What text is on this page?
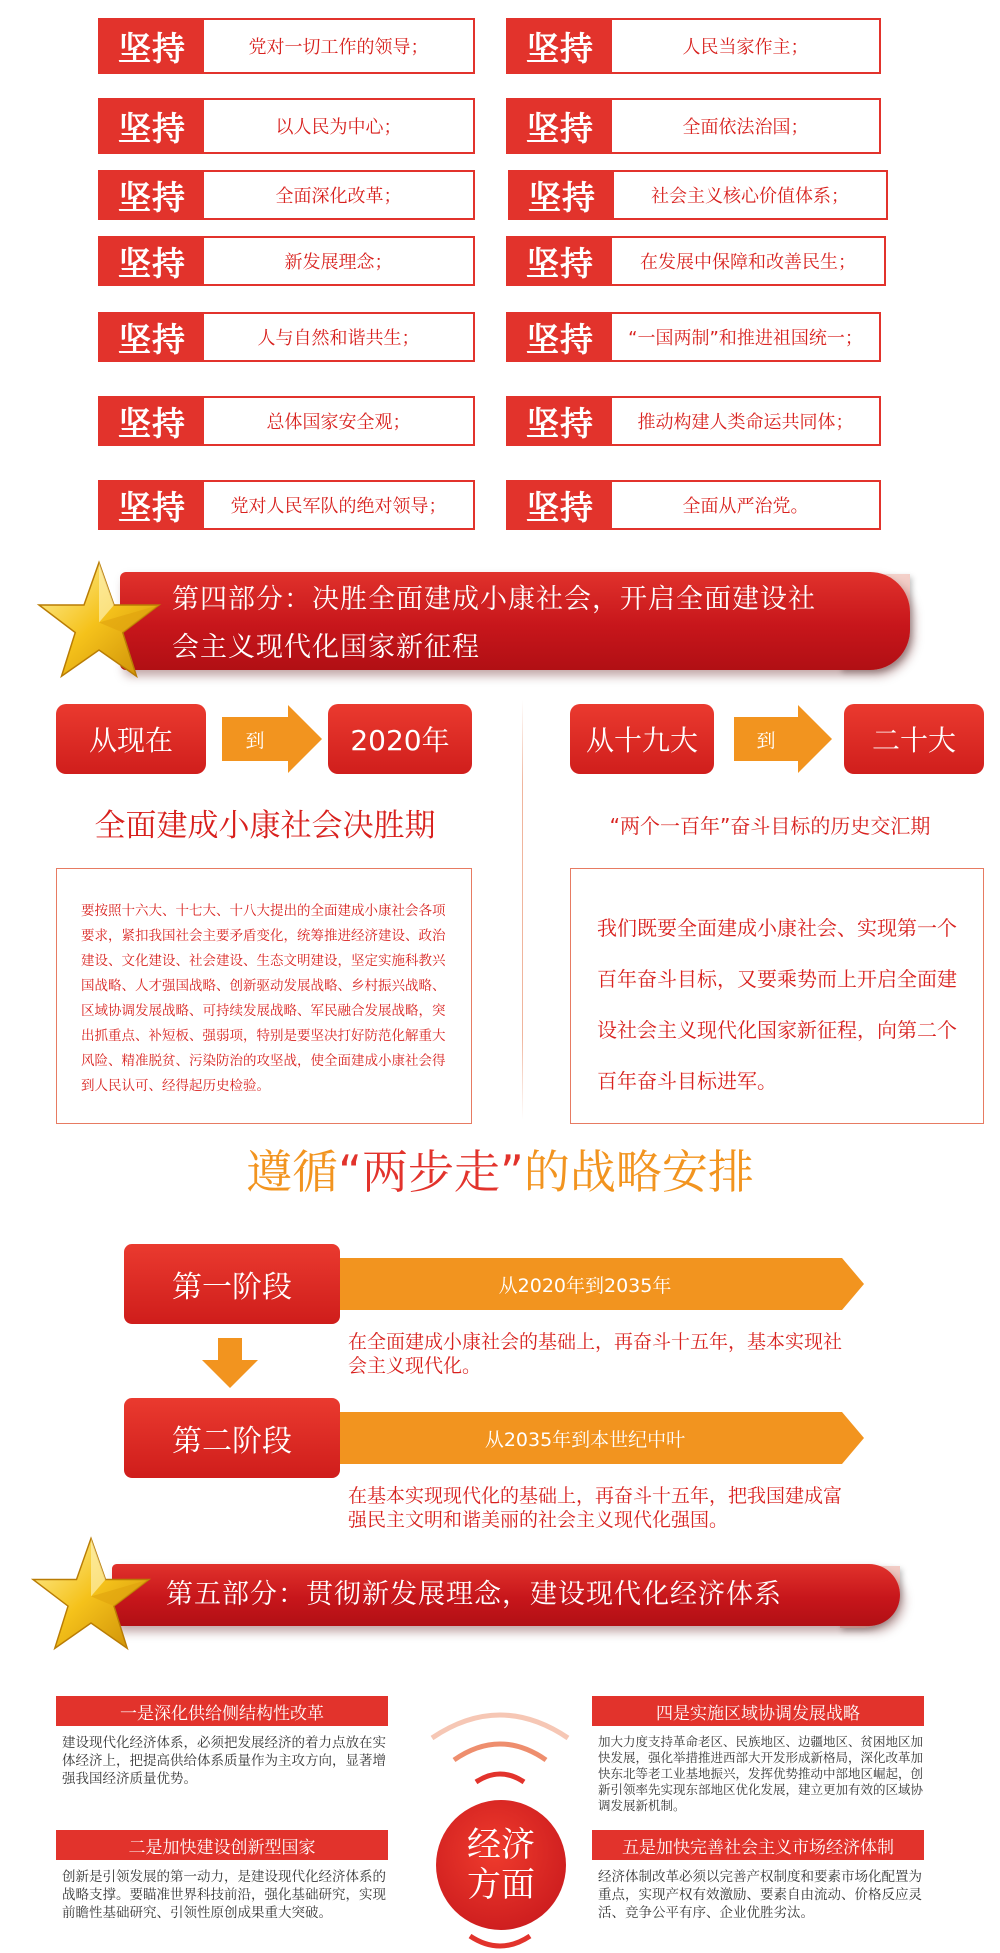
坚持	党对一切工作的领导；	坚持	人民当家作主；
坚持	以人民为中心；	坚持	全面依法治国；
坚持	全面深化改革；	坚持	社会主义核心价值体系；
坚持	新发展理念；	坚持	在发展中保障和改善民生；
坚持	人与自然和谐共生；	坚持	“一国两制”和推进祖国统一；
坚持	总体国家安全观；	坚持	推动构建人类命运共同体；
坚持	党对人民军队的绝对领导；	坚持	全面从严治党。
第四部分：决胜全面建成小康社会，开启全面建设社
会主义现代化国家新征程
从现在	到	2020年
全面建成小康社会决胜期

要按照十六大、十七大、十八大提出的全面建成小康社会各项要求，紧扣我国社会主要矛盾变化，统筹推进经济建设、政治建设、文化建设、社会建设、生态文明建设，坚定实施科教兴国战略、人才强国战略、创新驱动发展战略、乡村振兴战略、区域协调发展战略、可持续发展战略、军民融合发展战略，突出抓重点、补短板、强弱项，特别是要坚决打好防范化解重大风险、精准脱贫、污染防治的攻坚战，使全面建成小康社会得到人民认可、经得起历史检验。

从十九大	到	二十大
“两个一百年”奋斗目标的历史交汇期

我们既要全面建成小康社会、实现第一个百年奋斗目标，又要乘势而上开启全面建设社会主义现代化国家新征程，向第二个百年奋斗目标进军。

遵循“两步走”的战略安排
从2020年到2035年
第一阶段
在全面建成小康社会的基础上，再奋斗十五年，基本实现社会主义现代化。
从2035年到本世纪中叶
第二阶段
在基本实现现代化的基础上，再奋斗十五年，把我国建成富强民主文明和谐美丽的社会主义现代化强国。
第五部分：贯彻新发展理念，建设现代化经济体系
一是深化供给侧结构性改革
建设现代化经济体系，必须把发展经济的着力点放在实体经济上，把提高供给体系质量作为主攻方向，显著增强我国经济质量优势。
二是加快建设创新型国家
创新是引领发展的第一动力，是建设现代化经济体系的战略支撑。要瞄准世界科技前沿，强化基础研究，实现前瞻性基础研究、引领性原创成果重大突破。
四是实施区域协调发展战略
加大力度支持革命老区、民族地区、边疆地区、贫困地区加快发展，强化举措推进西部大开发形成新格局，深化改革加快东北等老工业基地振兴，发挥优势推动中部地区崛起，创新引领率先实现东部地区优化发展，建立更加有效的区域协调发展新机制。
五是加快完善社会主义市场经济体制
经济体制改革必须以完善产权制度和要素市场化配置为重点，实现产权有效激励、要素自由流动、价格反应灵活、竞争公平有序、企业优胜劣汰。
经济
方面
